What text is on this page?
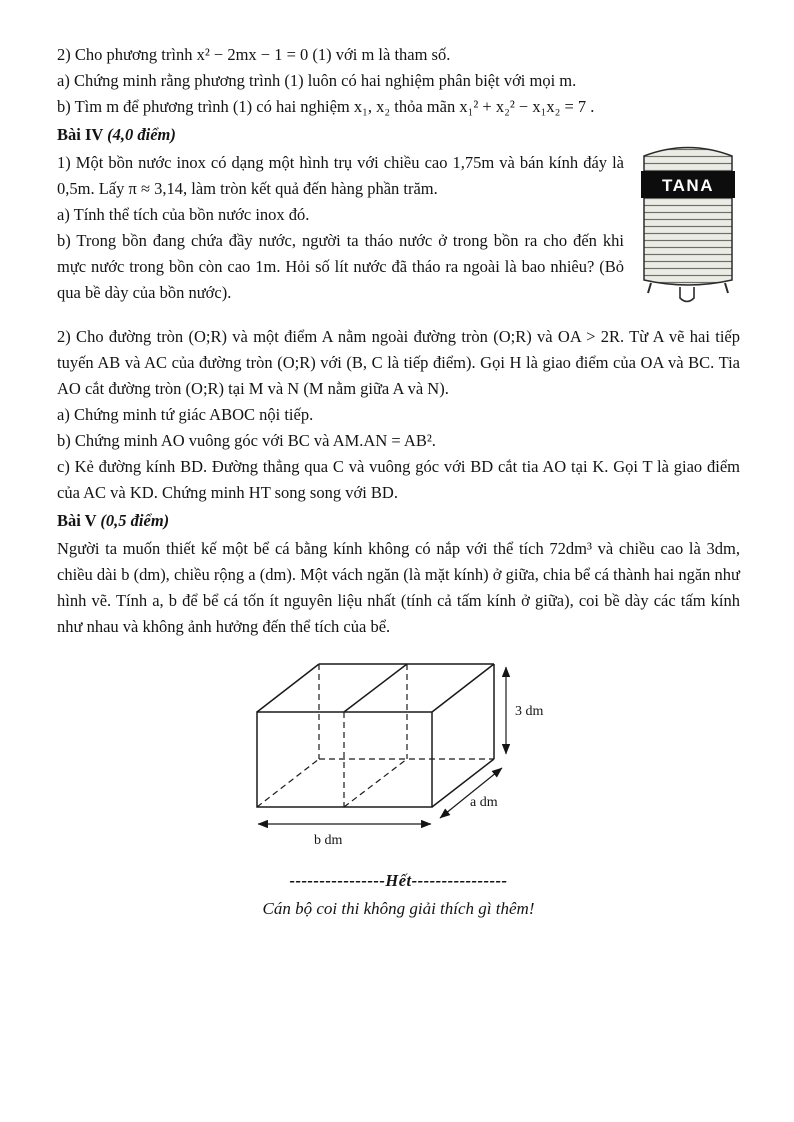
2) Cho phương trình x² − 2mx − 1 = 0 (1) với m là tham số.
a) Chứng minh rằng phương trình (1) luôn có hai nghiệm phân biệt với mọi m.
b) Tìm m để phương trình (1) có hai nghiệm x₁, x₂ thỏa mãn x₁² + x₂² − x₁x₂ = 7 .
Bài IV (4,0 điểm)
TANA
1) Một bồn nước inox có dạng một hình trụ với chiều cao 1,75m và bán kính đáy là 0,5m. Lấy π ≈ 3,14, làm tròn kết quả đến hàng phần trăm.
a) Tính thể tích của bồn nước inox đó.
b) Trong bồn đang chứa đầy nước, người ta tháo nước ở trong bồn ra cho đến khi mực nước trong bồn còn cao 1m. Hỏi số lít nước đã tháo ra ngoài là bao nhiêu? (Bỏ qua bề dày của bồn nước).
2) Cho đường tròn (O;R) và một điểm A nằm ngoài đường tròn (O;R) và OA > 2R. Từ A vẽ hai tiếp tuyến AB và AC của đường tròn (O;R) với (B, C là tiếp điểm). Gọi H là giao điểm của OA và BC. Tia AO cắt đường tròn (O;R) tại M và N (M nằm giữa A và N).
a) Chứng minh tứ giác ABOC nội tiếp.
b) Chứng minh AO vuông góc với BC và AM.AN = AB².
c) Kẻ đường kính BD. Đường thẳng qua C và vuông góc với BD cắt tia AO tại K. Gọi T là giao điểm của AC và KD. Chứng minh HT song song với BD.
Bài V (0,5 điểm)
Người ta muốn thiết kế một bể cá bằng kính không có nắp với thể tích 72dm³ và chiều cao là 3dm, chiều dài b (dm), chiều rộng a (dm). Một vách ngăn (là mặt kính) ở giữa, chia bể cá thành hai ngăn như hình vẽ. Tính a, b để bể cá tốn ít nguyên liệu nhất (tính cả tấm kính ở giữa), coi bề dày các tấm kính như nhau và không ảnh hưởng đến thể tích của bể.
3 dm
a dm
b dm
----------------Hết----------------
Cán bộ coi thi không giải thích gì thêm!
